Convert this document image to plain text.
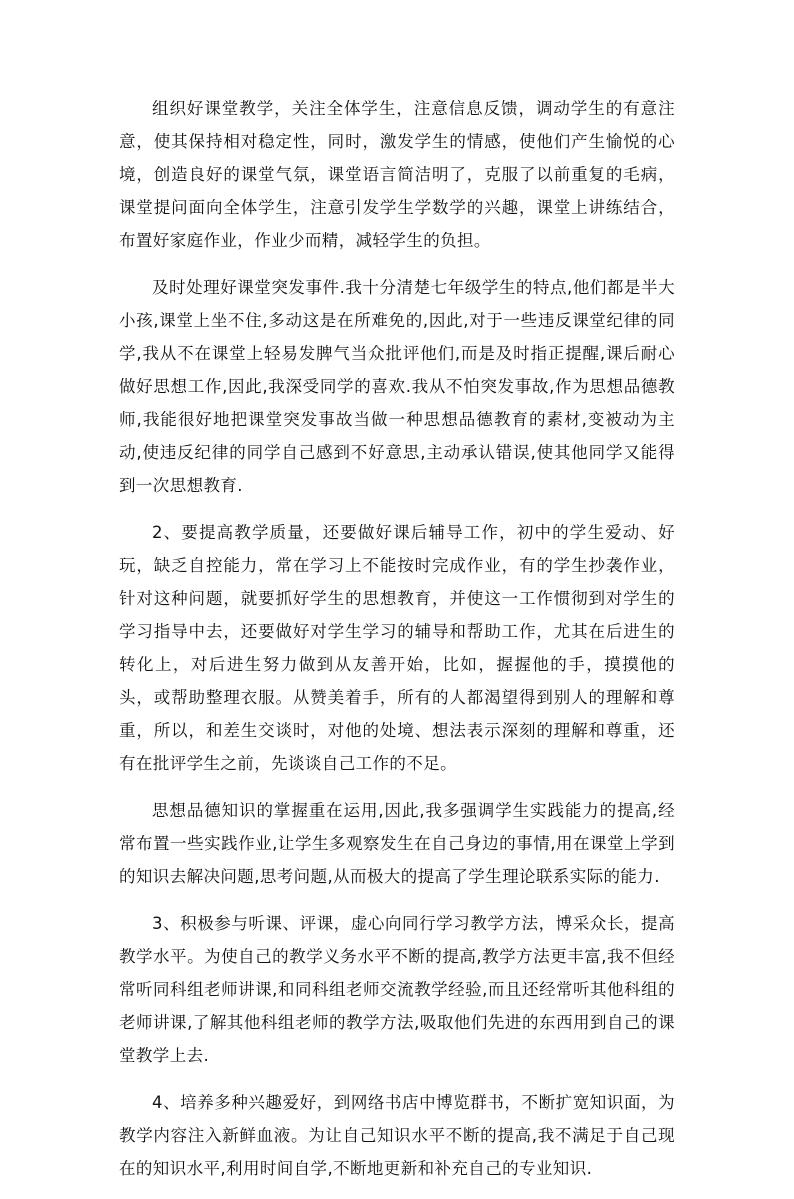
组织好课堂教学，关注全体学生，注意信息反馈，调动学生的有意注意，使其保持相对稳定性，同时，激发学生的情感，使他们产生愉悦的心境，创造良好的课堂气氛，课堂语言简洁明了，克服了以前重复的毛病，课堂提问面向全体学生，注意引发学生学数学的兴趣，课堂上讲练结合，布置好家庭作业，作业少而精，减轻学生的负担。

及时处理好课堂突发事件.我十分清楚七年级学生的特点,他们都是半大小孩,课堂上坐不住,多动这是在所难免的,因此,对于一些违反课堂纪律的同学,我从不在课堂上轻易发脾气当众批评他们,而是及时指正提醒,课后耐心做好思想工作,因此,我深受同学的喜欢.我从不怕突发事故,作为思想品德教师,我能很好地把课堂突发事故当做一种思想品德教育的素材,变被动为主动,使违反纪律的同学自己感到不好意思,主动承认错误,使其他同学又能得到一次思想教育.

2、要提高教学质量，还要做好课后辅导工作，初中的学生爱动、好玩，缺乏自控能力，常在学习上不能按时完成作业，有的学生抄袭作业，针对这种问题，就要抓好学生的思想教育，并使这一工作惯彻到对学生的学习指导中去，还要做好对学生学习的辅导和帮助工作，尤其在后进生的转化上，对后进生努力做到从友善开始，比如，握握他的手，摸摸他的头，或帮助整理衣服。从赞美着手，所有的人都渴望得到别人的理解和尊重，所以，和差生交谈时，对他的处境、想法表示深刻的理解和尊重，还有在批评学生之前，先谈谈自己工作的不足。

思想品德知识的掌握重在运用,因此,我多强调学生实践能力的提高,经常布置一些实践作业,让学生多观察发生在自己身边的事情,用在课堂上学到的知识去解决问题,思考问题,从而极大的提高了学生理论联系实际的能力.

3、积极参与听课、评课，虚心向同行学习教学方法，博采众长，提高教学水平。为使自己的教学义务水平不断的提高,教学方法更丰富,我不但经常听同科组老师讲课,和同科组老师交流教学经验,而且还经常听其他科组的老师讲课,了解其他科组老师的教学方法,吸取他们先进的东西用到自己的课堂教学上去.

4、培养多种兴趣爱好，到网络书店中博览群书，不断扩宽知识面，为教学内容注入新鲜血液。为让自己知识水平不断的提高,我不满足于自己现在的知识水平,利用时间自学,不断地更新和补充自己的专业知识.
